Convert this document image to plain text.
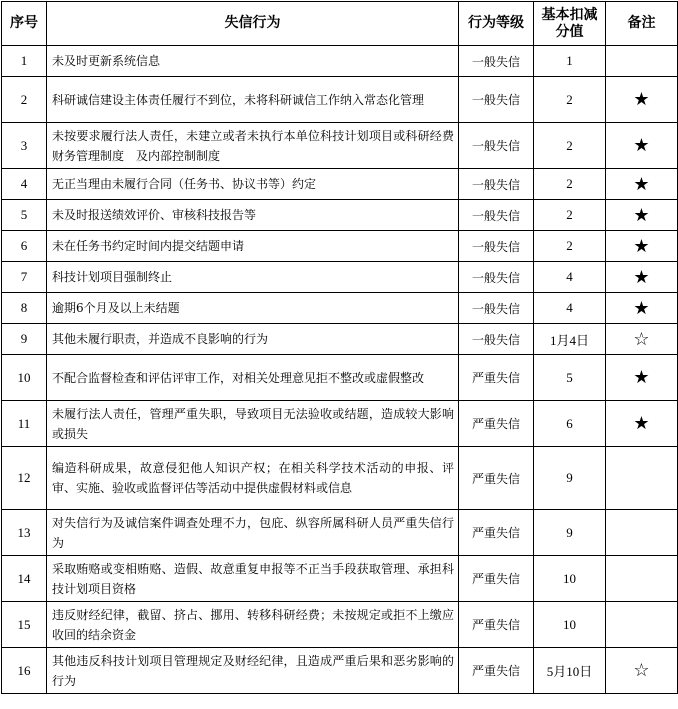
序号	失信行为	行为等级	基本扣减分值	备注
1	未及时更新系统信息	一般失信	1	
2	科研诚信建设主体责任履行不到位，未将科研诚信工作纳入常态化管理	一般失信	2	★
3	未按要求履行法人责任，未建立或者未执行本单位科技计划项目或科研经费财务管理制度　及内部控制制度	一般失信	2	★
4	无正当理由未履行合同（任务书、协议书等）约定	一般失信	2	★
5	未及时报送绩效评价、审核科技报告等	一般失信	2	★
6	未在任务书约定时间内提交结题申请	一般失信	2	★
7	科技计划项目强制终止	一般失信	4	★
8	逾期6个月及以上未结题	一般失信	4	★
9	其他未履行职责，并造成不良影响的行为	一般失信	1月4日	☆
10	不配合监督检查和评估评审工作，对相关处理意见拒不整改或虚假整改	严重失信	5	★
11	未履行法人责任，管理严重失职，导致项目无法验收或结题，造成较大影响或损失	严重失信	6	★
12	编造科研成果，故意侵犯他人知识产权；在相关科学技术活动的申报、评审、实施、验收或监督评估等活动中提供虚假材料或信息	严重失信	9	
13	对失信行为及诚信案件调查处理不力，包庇、纵容所属科研人员严重失信行为	严重失信	9	
14	采取贿赂或变相贿赂、造假、故意重复申报等不正当手段获取管理、承担科技计划项目资格	严重失信	10	
15	违反财经纪律，截留、挤占、挪用、转移科研经费；未按规定或拒不上缴应收回的结余资金	严重失信	10	
16	其他违反科技计划项目管理规定及财经纪律，且造成严重后果和恶劣影响的行为	严重失信	5月10日	☆
